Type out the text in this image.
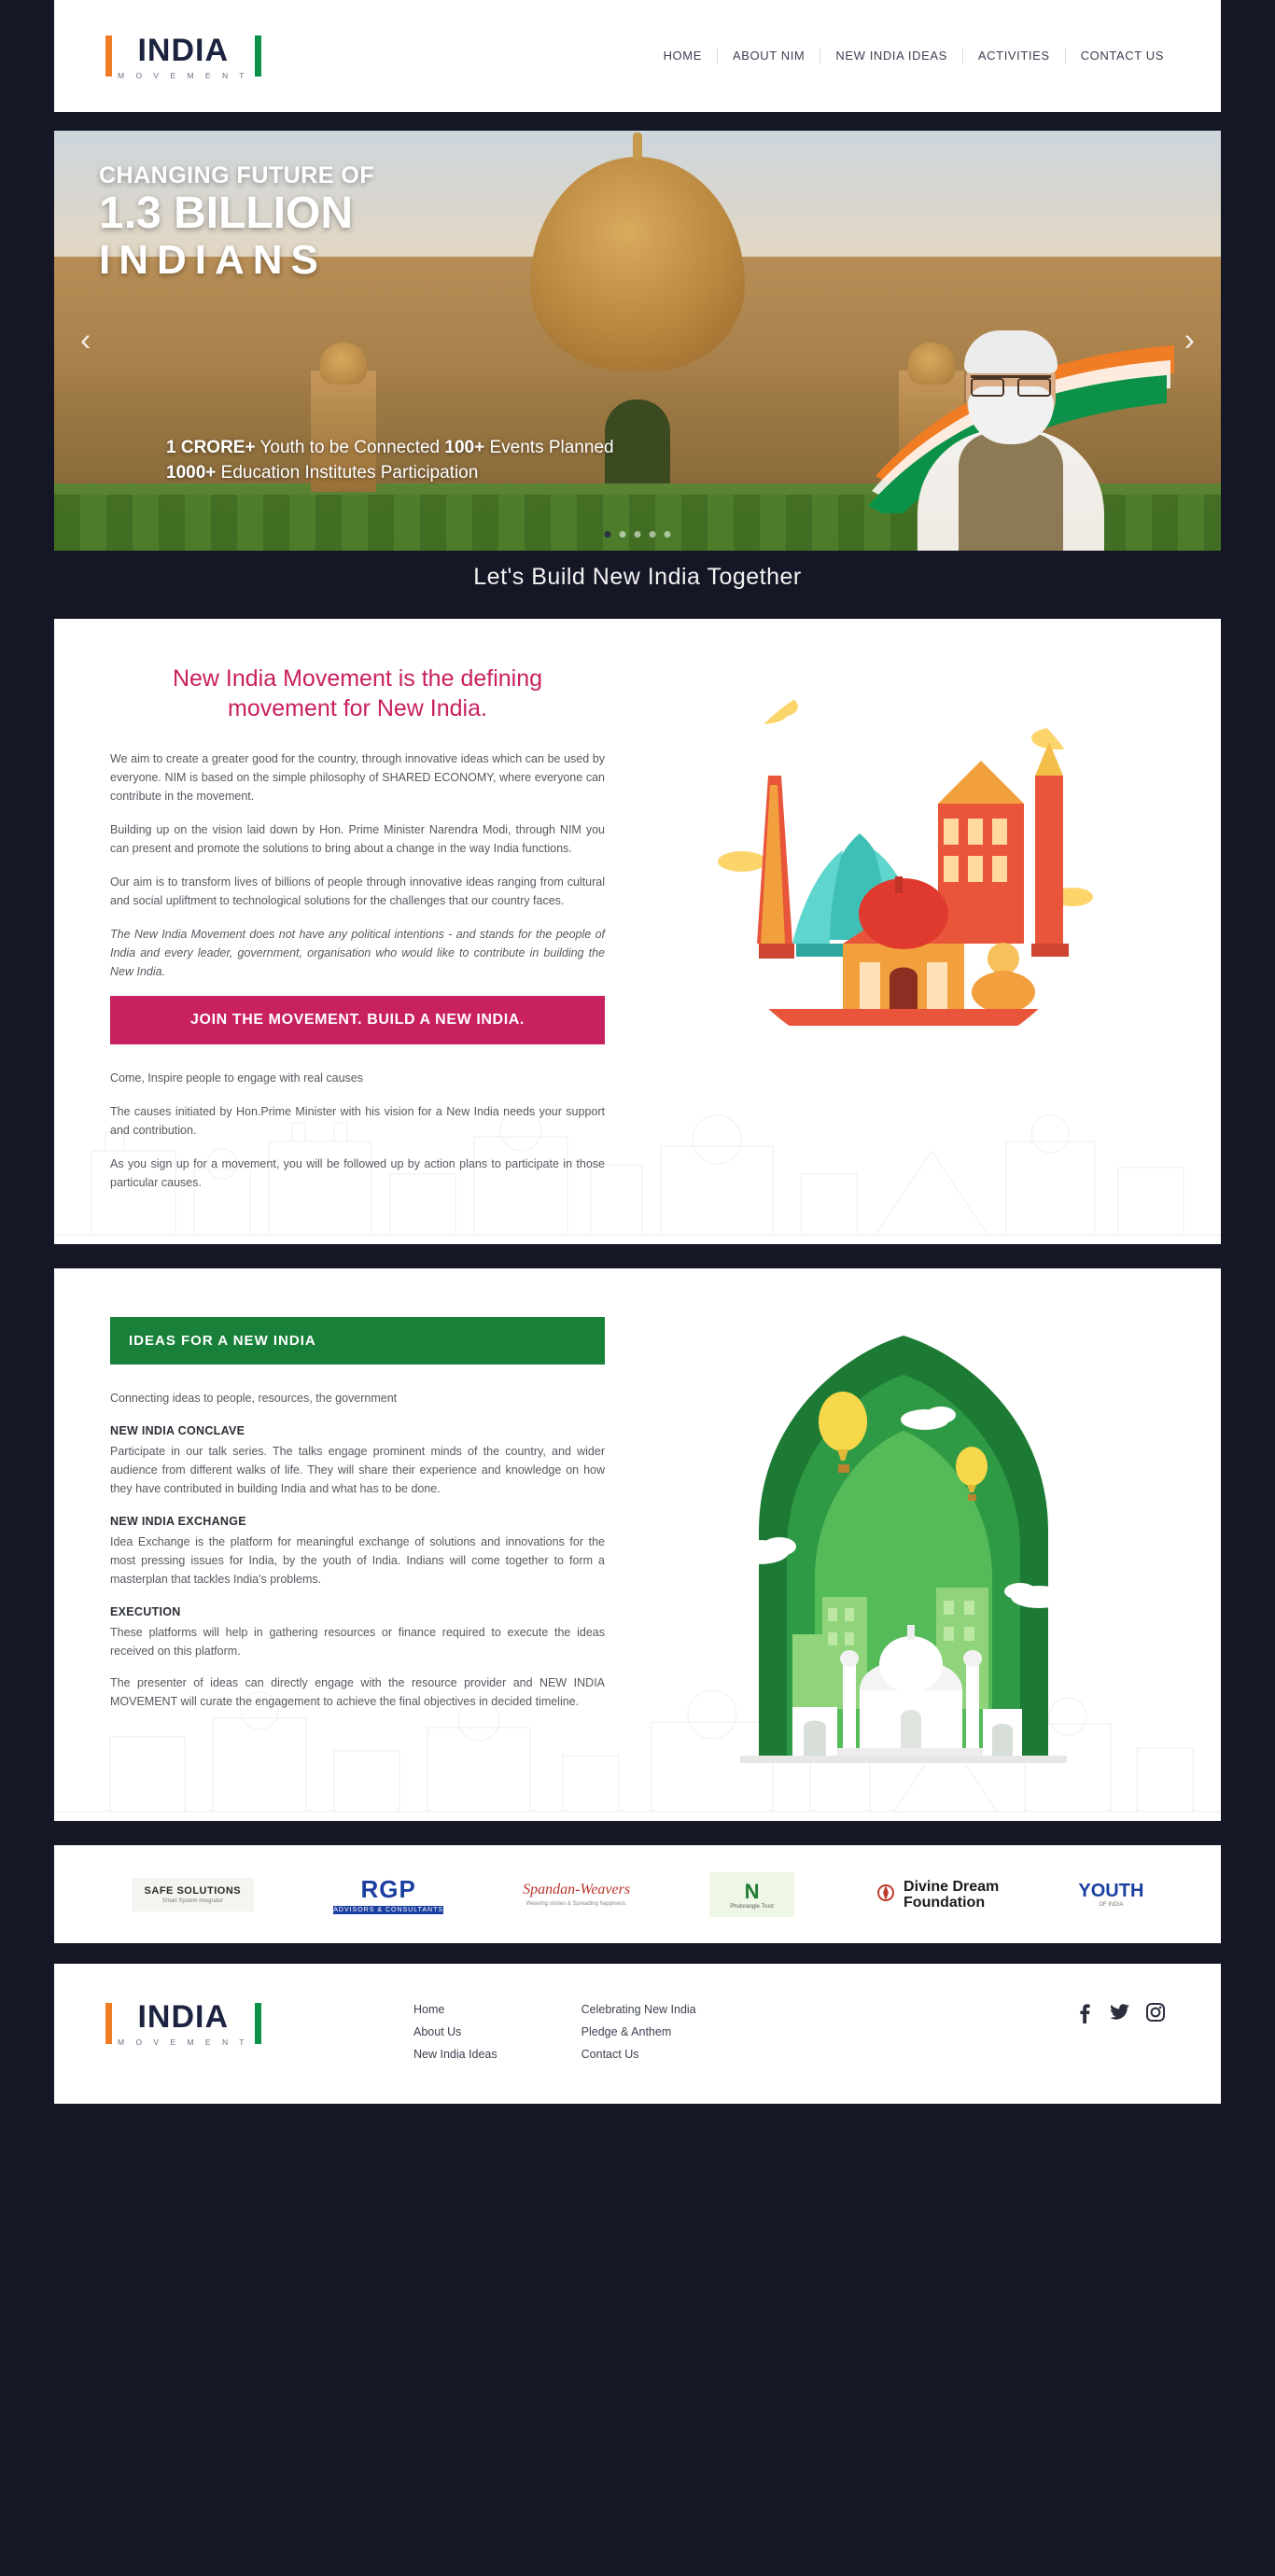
INDIA
M O V E M E N T
HOME	ABOUT NIM	NEW INDIA IDEAS	ACTIVITIES	CONTACT US
CHANGING FUTURE OF
1.3 BILLION
INDIANS
1 CRORE+ Youth to be Connected 100+ Events Planned
1000+ Education Institutes Participation
‹	›
Let's Build New India Together
New India Movement is the defining movement for New India.

We aim to create a greater good for the country, through innovative ideas which can be used by everyone. NIM is based on the simple philosophy of SHARED ECONOMY, where everyone can contribute in the movement.

Building up on the vision laid down by Hon. Prime Minister Narendra Modi, through NIM you can present and promote the solutions to bring about a change in the way India functions.

Our aim is to transform lives of billions of people through innovative ideas ranging from cultural and social upliftment to technological solutions for the challenges that our country faces.

The New India Movement does not have any political intentions - and stands for the people of India and every leader, government, organisation who would like to contribute in building the New India.

JOIN THE MOVEMENT. BUILD A NEW INDIA.

Come, Inspire people to engage with real causes

The causes initiated by Hon.Prime Minister with his vision for a New India needs your support and contribution.

As you sign up for a movement, you will be followed up by action plans to participate in those particular causes.

IDEAS FOR A NEW INDIA

Connecting ideas to people, resources, the government

NEW INDIA CONCLAVE

Participate in our talk series. The talks engage prominent minds of the country, and wider audience from different walks of life. They will share their experience and knowledge on how they have contributed in building India and what has to be done.

NEW INDIA EXCHANGE

Idea Exchange is the platform for meaningful exchange of solutions and innovations for the most pressing issues for India, by the youth of India. Indians will come together to form a masterplan that tackles India's problems.

EXECUTION

These platforms will help in gathering resources or finance required to execute the ideas received on this platform.

The presenter of ideas can directly engage with the resource provider and NEW INDIA MOVEMENT will curate the engagement to achieve the final objectives in decided timeline.

SAFE SOLUTIONS
Smart System Integrator	RGP
ADVISORS & CONSULTANTS
Spandan-Weavers
Weaving stories & Spreading happiness.
N
Phulsrangle Trust
Divine Dream
Foundation
YOUTH
OF INDIA
INDIA
M O V E M E N T
Home
About Us
New India Ideas
Celebrating New India
Pledge & Anthem
Contact Us
